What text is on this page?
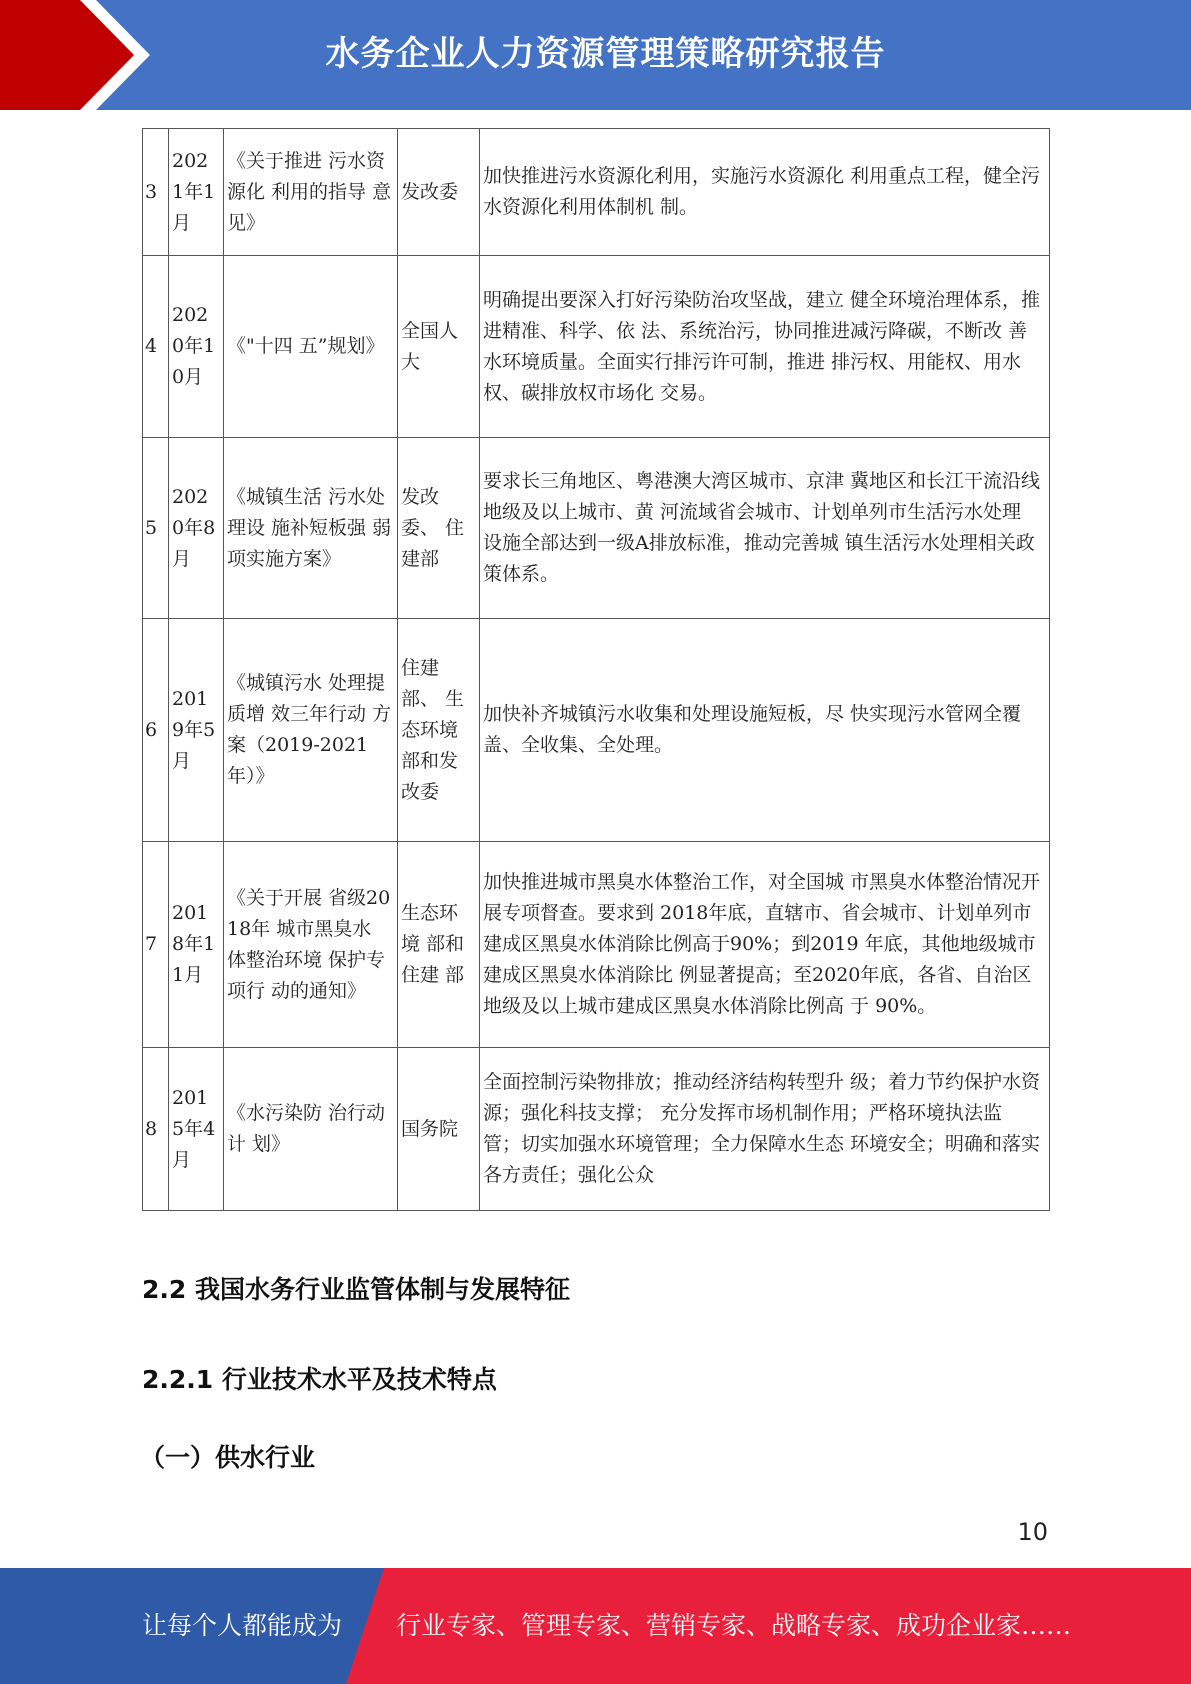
水务企业人力资源管理策略研究报告
3	2021年1月	《关于推进 污水资源化 利用的指导 意见》	发改委	加快推进污水资源化利用，实施污水资源化 利用重点工程，健全污水资源化利用体制机 制。
4	2020年10月	《"十四 五”规划》	全国人大	明确提出要深入打好污染防治攻坚战，建立 健全环境治理体系，推进精准、科学、依 法、系统治污，协同推进减污降碳，不断改 善水环境质量。全面实行排污许可制，推进 排污权、用能权、用水权、碳排放权市场化 交易。
5	2020年8月	《城镇生活 污水处理设 施补短板强 弱项实施方案》	发改委、 住建部	要求长三角地区、粤港澳大湾区城市、京津 冀地区和长江干流沿线地级及以上城市、黄 河流域省会城市、计划单列市生活污水处理 设施全部达到一级A排放标准，推动完善城 镇生活污水处理相关政策体系。
6	2019年5月	《城镇污水 处理提质增 效三年行动 方案（2019-2021年）》	住建部、 生态环境部和发改委	加快补齐城镇污水收集和处理设施短板，尽 快实现污水管网全覆盖、全收集、全处理。
7	2018年11月	《关于开展 省级2018年 城市黑臭水 体整治环境 保护专项行 动的通知》	生态环境 部和住建 部	加快推进城市黑臭水体整治工作，对全国城 市黑臭水体整治情况开展专项督查。要求到 2018年底，直辖市、省会城市、计划单列市 建成区黑臭水体消除比例高于90%；到2019 年底，其他地级城市建成区黑臭水体消除比 例显著提高；至2020年底，各省、自治区 地级及以上城市建成区黑臭水体消除比例高 于 90%。
8	2015年4月	《水污染防 治行动计 划》	国务院	全面控制污染物排放；推动经济结构转型升 级；着力节约保护水资源；强化科技支撑； 充分发挥市场机制作用；严格环境执法监 管；切实加强水环境管理；全力保障水生态 环境安全；明确和落实各方责任；强化公众
2.2 我国水务行业监管体制与发展特征
2.2.1 行业技术水平及技术特点
（一）供水行业
10
让每个人都能成为 行业专家、管理专家、营销专家、战略专家、成功企业家……
